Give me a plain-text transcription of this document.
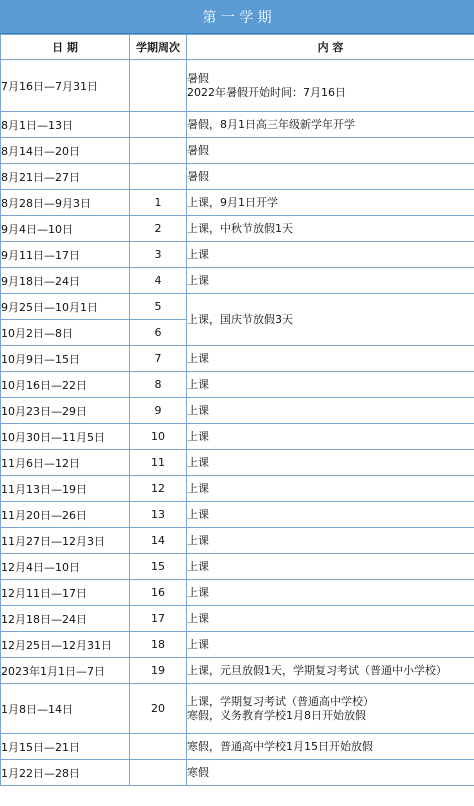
第 一 学 期
日 期	学期周次	内 容
7月16日—7月31日		暑假
2022年暑假开始时间：7月16日

8月1日—13日		暑假，8月1日高三年级新学年开学

8月14日—20日		暑假

8月21日—27日		暑假

8月28日—9月3日	1	上课，9月1日开学

9月4日—10日	2	上课，中秋节放假1天

9月11日—17日	3	上课

9月18日—24日	4	上课

9月25日—10月1日	5	上课，国庆节放假3天

10月2日—8日	6	
10月9日—15日	7	上课

10月16日—22日	8	上课

10月23日—29日	9	上课

10月30日—11月5日	10	上课

11月6日—12日	11	上课

11月13日—19日	12	上课

11月20日—26日	13	上课

11月27日—12月3日	14	上课

12月4日—10日	15	上课

12月11日—17日	16	上课

12月18日—24日	17	上课

12月25日—12月31日	18	上课

2023年1月1日—7日	19	上课，元旦放假1天，学期复习考试（普通中小学校）

1月8日—14日	20	上课，学期复习考试（普通高中学校）
寒假，义务教育学校1月8日开始放假

1月15日—21日		寒假，普通高中学校1月15日开始放假

1月22日—28日		寒假
